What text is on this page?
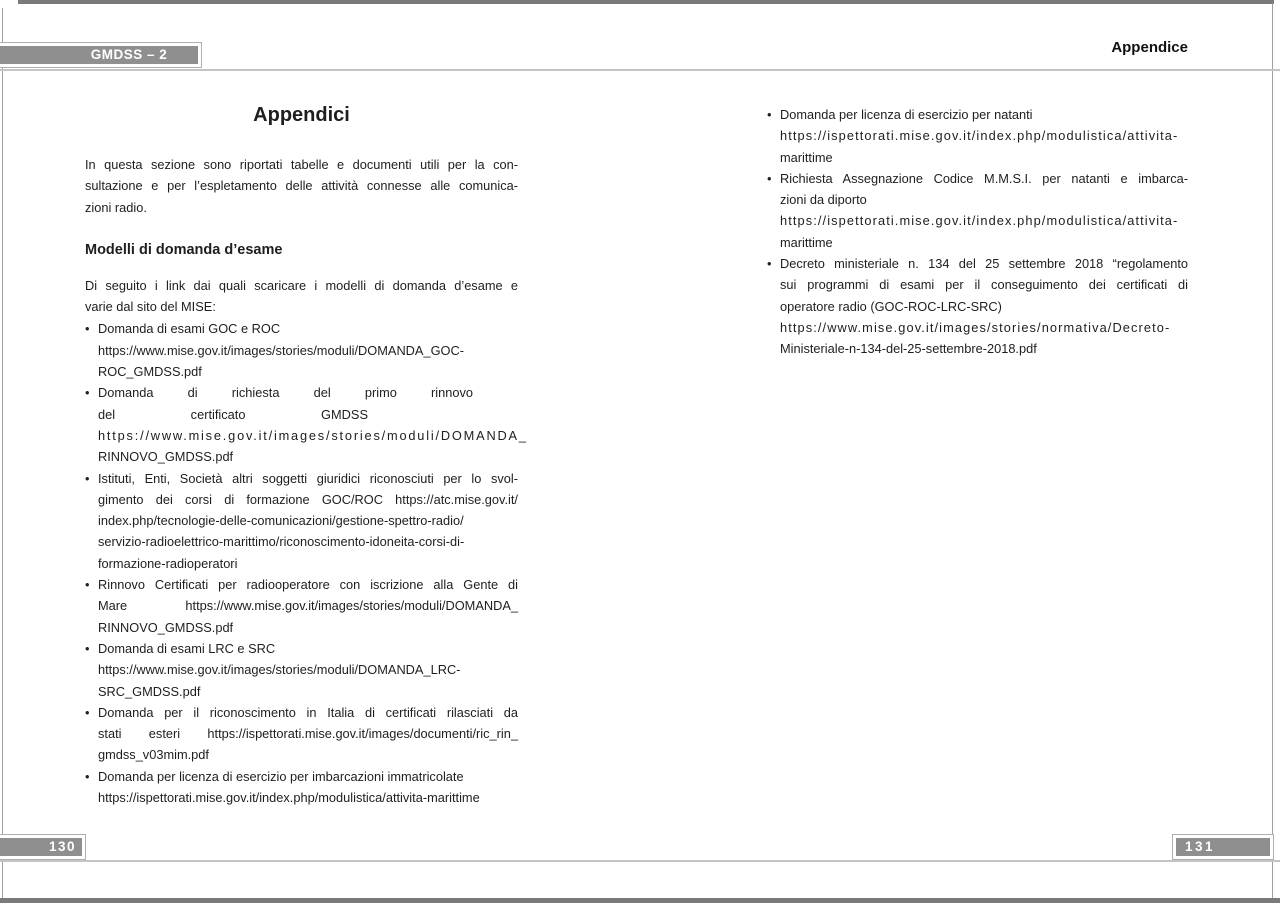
GMDSS – 2	Appendice
130	131
Appendici
In questa sezione sono riportati tabelle e documenti utili per la con-
sultazione e per l’espletamento delle attività connesse alle comunica-
zioni radio.
Modelli di domanda d’esame
Di seguito i link dai quali scaricare i modelli di domanda d’esame e
varie dal sito del MISE:
• Domanda di esami GOC e ROC
https://www.mise.gov.it/images/stories/moduli/DOMANDA_GOC-
ROC_GMDSS.pdf
• Domanda di richiesta del primo rinnovo
del certificato GMDSS
https://www.mise.gov.it/images/stories/moduli/DOMANDA_
RINNOVO_GMDSS.pdf
• Istituti, Enti, Società altri soggetti giuridici riconosciuti per lo svol-
gimento dei corsi di formazione GOC/ROC https://atc.mise.gov.it/
index.php/tecnologie-delle-comunicazioni/gestione-spettro-radio/
servizio-radioelettrico-marittimo/riconoscimento-idoneita-corsi-di-
formazione-radioperatori
• Rinnovo Certificati per radiooperatore con iscrizione alla Gente di
Mare https://www.mise.gov.it/images/stories/moduli/DOMANDA_
RINNOVO_GMDSS.pdf
• Domanda di esami LRC e SRC
https://www.mise.gov.it/images/stories/moduli/DOMANDA_LRC-
SRC_GMDSS.pdf
• Domanda per il riconoscimento in Italia di certificati rilasciati da
stati esteri https://ispettorati.mise.gov.it/images/documenti/ric_rin_
gmdss_v03mim.pdf
• Domanda per licenza di esercizio per imbarcazioni immatricolate
https://ispettorati.mise.gov.it/index.php/modulistica/attivita-marittime
• Domanda per licenza di esercizio per natanti
https://ispettorati.mise.gov.it/index.php/modulistica/attivita-
marittime
• Richiesta Assegnazione Codice M.M.S.I. per natanti e imbarca-
zioni da diporto
https://ispettorati.mise.gov.it/index.php/modulistica/attivita-
marittime
• Decreto ministeriale n. 134 del 25 settembre 2018 “regolamento
sui programmi di esami per il conseguimento dei certificati di
operatore radio (GOC-ROC-LRC-SRC)
https://www.mise.gov.it/images/stories/normativa/Decreto-
Ministeriale-n-134-del-25-settembre-2018.pdf
